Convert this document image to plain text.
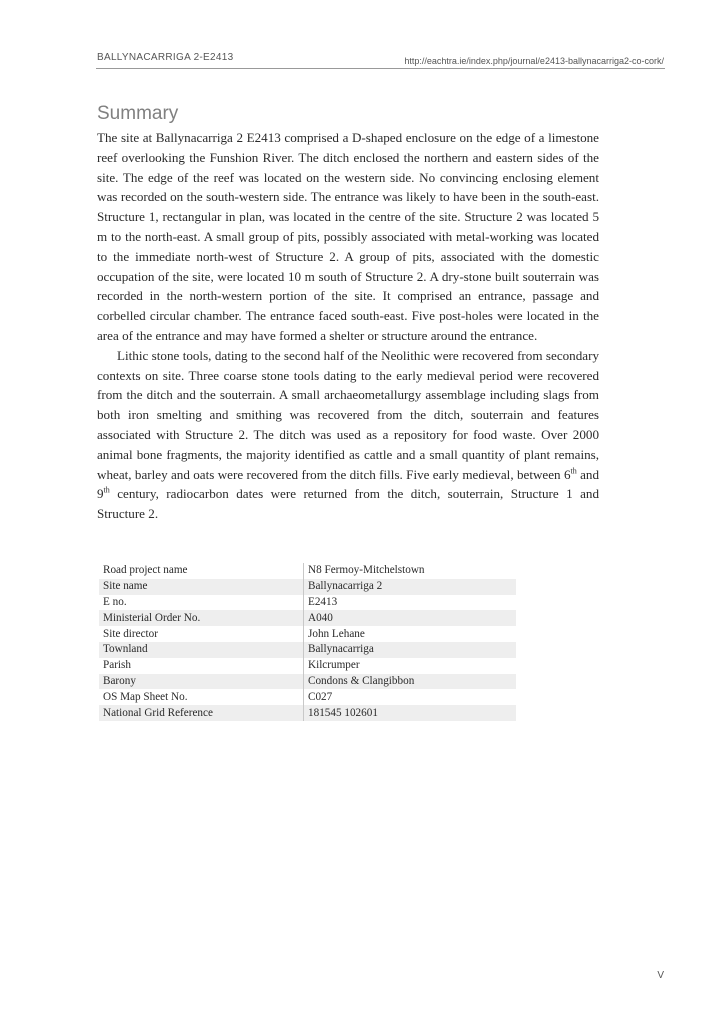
BALLYNACARRIGA 2-E2413	http://eachtra.ie/index.php/journal/e2413-ballynacarriga2-co-cork/
Summary

The site at Ballynacarriga 2 E2413 comprised a D-shaped enclosure on the edge of a limestone reef overlooking the Funshion River. The ditch enclosed the northern and eastern sides of the site. The edge of the reef was located on the western side. No convincing enclosing element was recorded on the south-western side. The entrance was likely to have been in the south-east. Structure 1, rectangular in plan, was located in the centre of the site. Structure 2 was located 5 m to the north-east. A small group of pits, possibly associated with metal-working was located to the immediate north-west of Structure 2. A group of pits, associated with the domestic occupation of the site, were located 10 m south of Structure 2. A dry-stone built souterrain was recorded in the north-western portion of the site. It comprised an entrance, passage and corbelled circular chamber. The entrance faced south-east. Five post-holes were located in the area of the entrance and may have formed a shelter or structure around the entrance.

Lithic stone tools, dating to the second half of the Neolithic were recovered from secondary contexts on site. Three coarse stone tools dating to the early medieval period were recovered from the ditch and the souterrain. A small archaeometallurgy assemblage including slags from both iron smelting and smithing was recovered from the ditch, souterrain and features associated with Structure 2. The ditch was used as a repository for food waste. Over 2000 animal bone fragments, the majority identified as cattle and a small quantity of plant remains, wheat, barley and oats were recovered from the ditch fills. Five early medieval, between 6th and 9th century, radiocarbon dates were returned from the ditch, souterrain, Structure 1 and Structure 2.

Road project name	N8 Fermoy-Mitchelstown
Site name	Ballynacarriga 2
E no.	E2413
Ministerial Order No.	A040
Site director	John Lehane
Townland	Ballynacarriga
Parish	Kilcrumper
Barony	Condons & Clangibbon
OS Map Sheet No.	C027
National Grid Reference	181545 102601
V
